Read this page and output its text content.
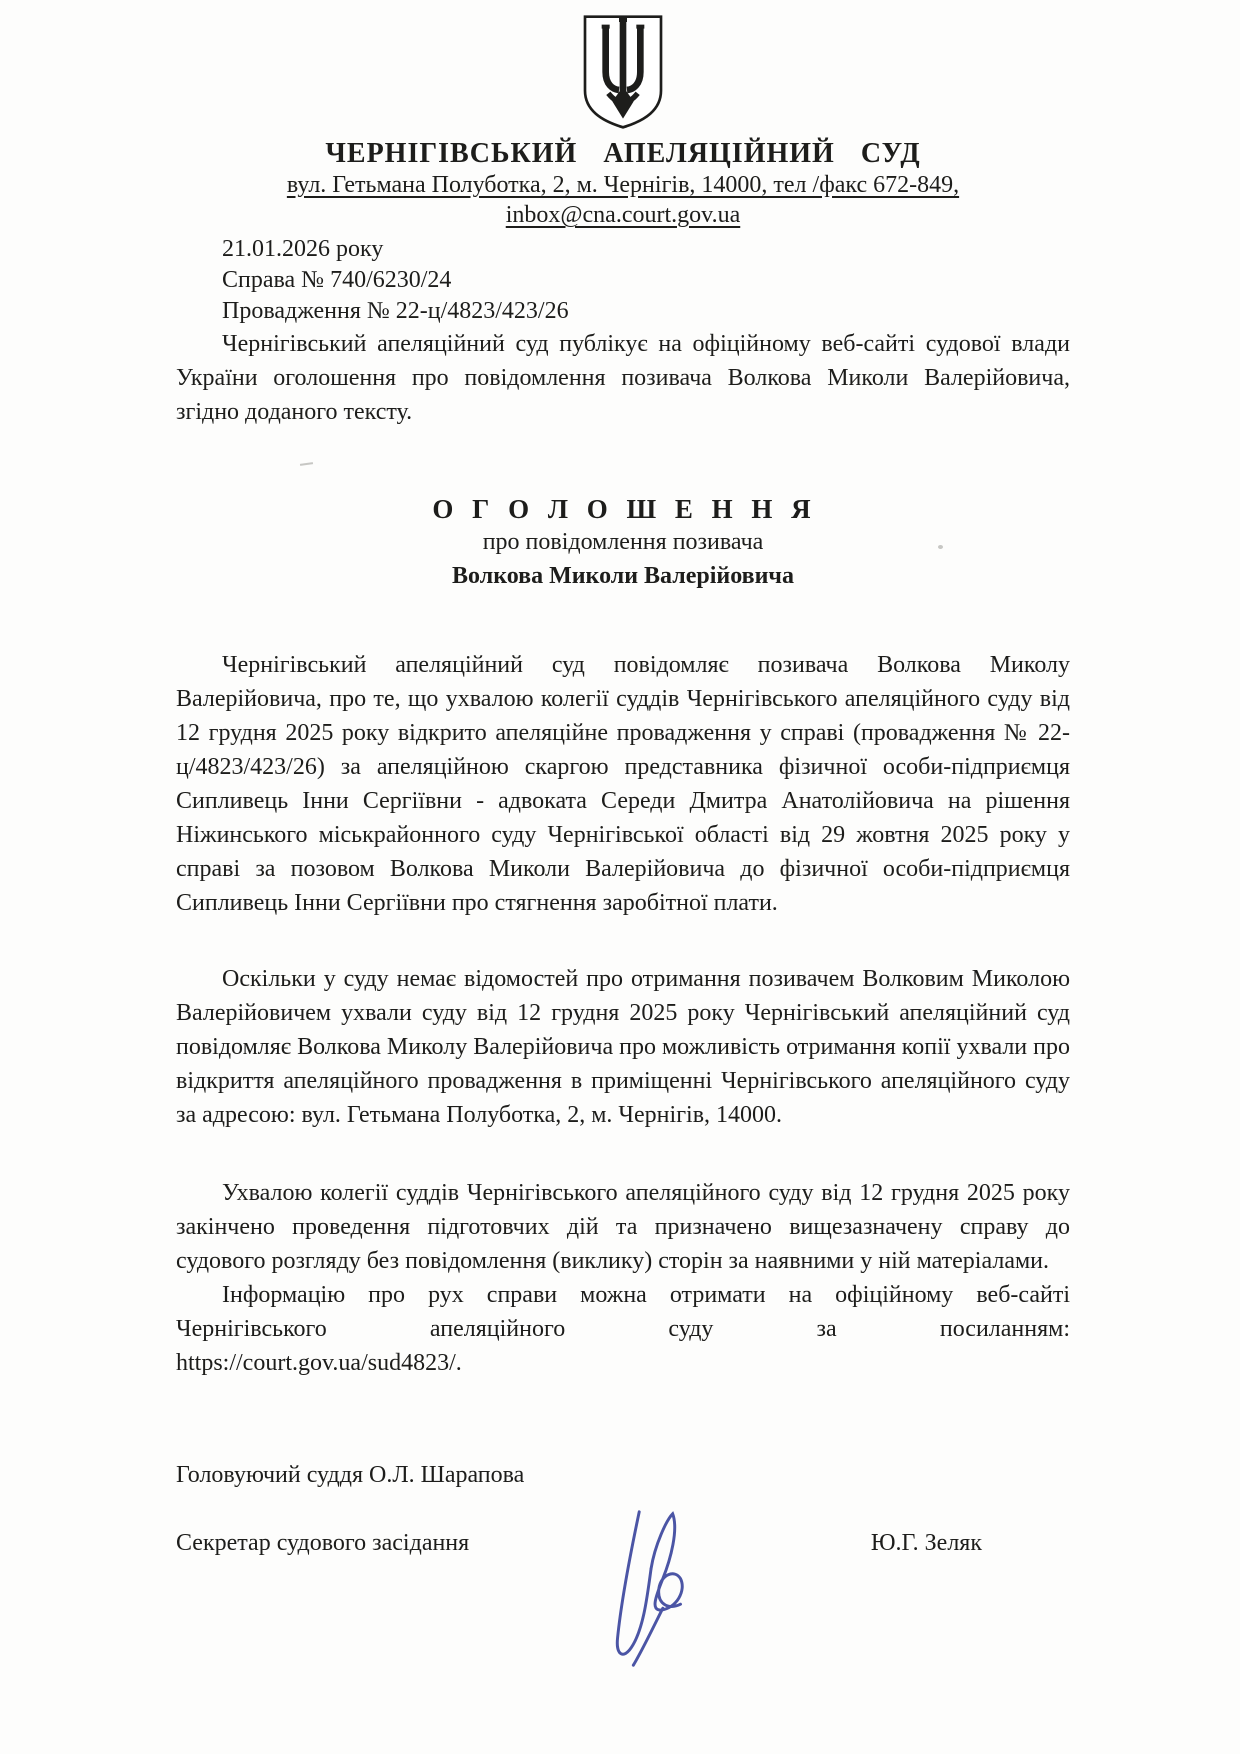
ЧЕРНІГІВСЬКИЙ АПЕЛЯЦІЙНИЙ СУД
вул. Гетьмана Полуботка, 2, м. Чернігів, 14000, тел /факс 672-849,
inbox@cna.court.gov.ua
21.01.2026 року
Справа № 740/6230/24
Провадження № 22-ц/4823/423/26

Чернігівський апеляційний суд публікує на офіційному веб-сайті судової влади України оголошення про повідомлення позивача Волкова Миколи Валерійовича, згідно доданого тексту.

О Г О Л О Ш Е Н Н Я
про повідомлення позивача
Волкова Миколи Валерійовича

Чернігівський апеляційний суд повідомляє позивача Волкова Миколу Валерійовича, про те, що ухвалою колегії суддів Чернігівського апеляційного суду від 12 грудня 2025 року відкрито апеляційне провадження у справі (провадження № 22-ц/4823/423/26) за апеляційною скаргою представника фізичної особи-підприємця Сипливець Інни Сергіївни - адвоката Середи Дмитра Анатолійовича на рішення Ніжинського міськрайонного суду Чернігівської області від 29 жовтня 2025 року у справі за позовом Волкова Миколи Валерійовича до фізичної особи-підприємця Сипливець Інни Сергіївни про стягнення заробітної плати.

Оскільки у суду немає відомостей про отримання позивачем Волковим Миколою Валерійовичем ухвали суду від 12 грудня 2025 року Чернігівський апеляційний суд повідомляє Волкова Миколу Валерійовича про можливість отримання копії ухвали про відкриття апеляційного провадження в приміщенні Чернігівського апеляційного суду за адресою: вул. Гетьмана Полуботка, 2, м. Чернігів, 14000.

Ухвалою колегії суддів Чернігівського апеляційного суду від 12 грудня 2025 року закінчено проведення підготовчих дій та призначено вищезазначену справу до судового розгляду без повідомлення (виклику) сторін за наявними у ній матеріалами.

Інформацію про рух справи можна отримати на офіційному веб-сайті Чернігівського апеляційного суду за посиланням:

https://court.gov.ua/sud4823/.
Головуючий суддя О.Л. Шарапова
Секретар судового засідання	Ю.Г. Зеляк
